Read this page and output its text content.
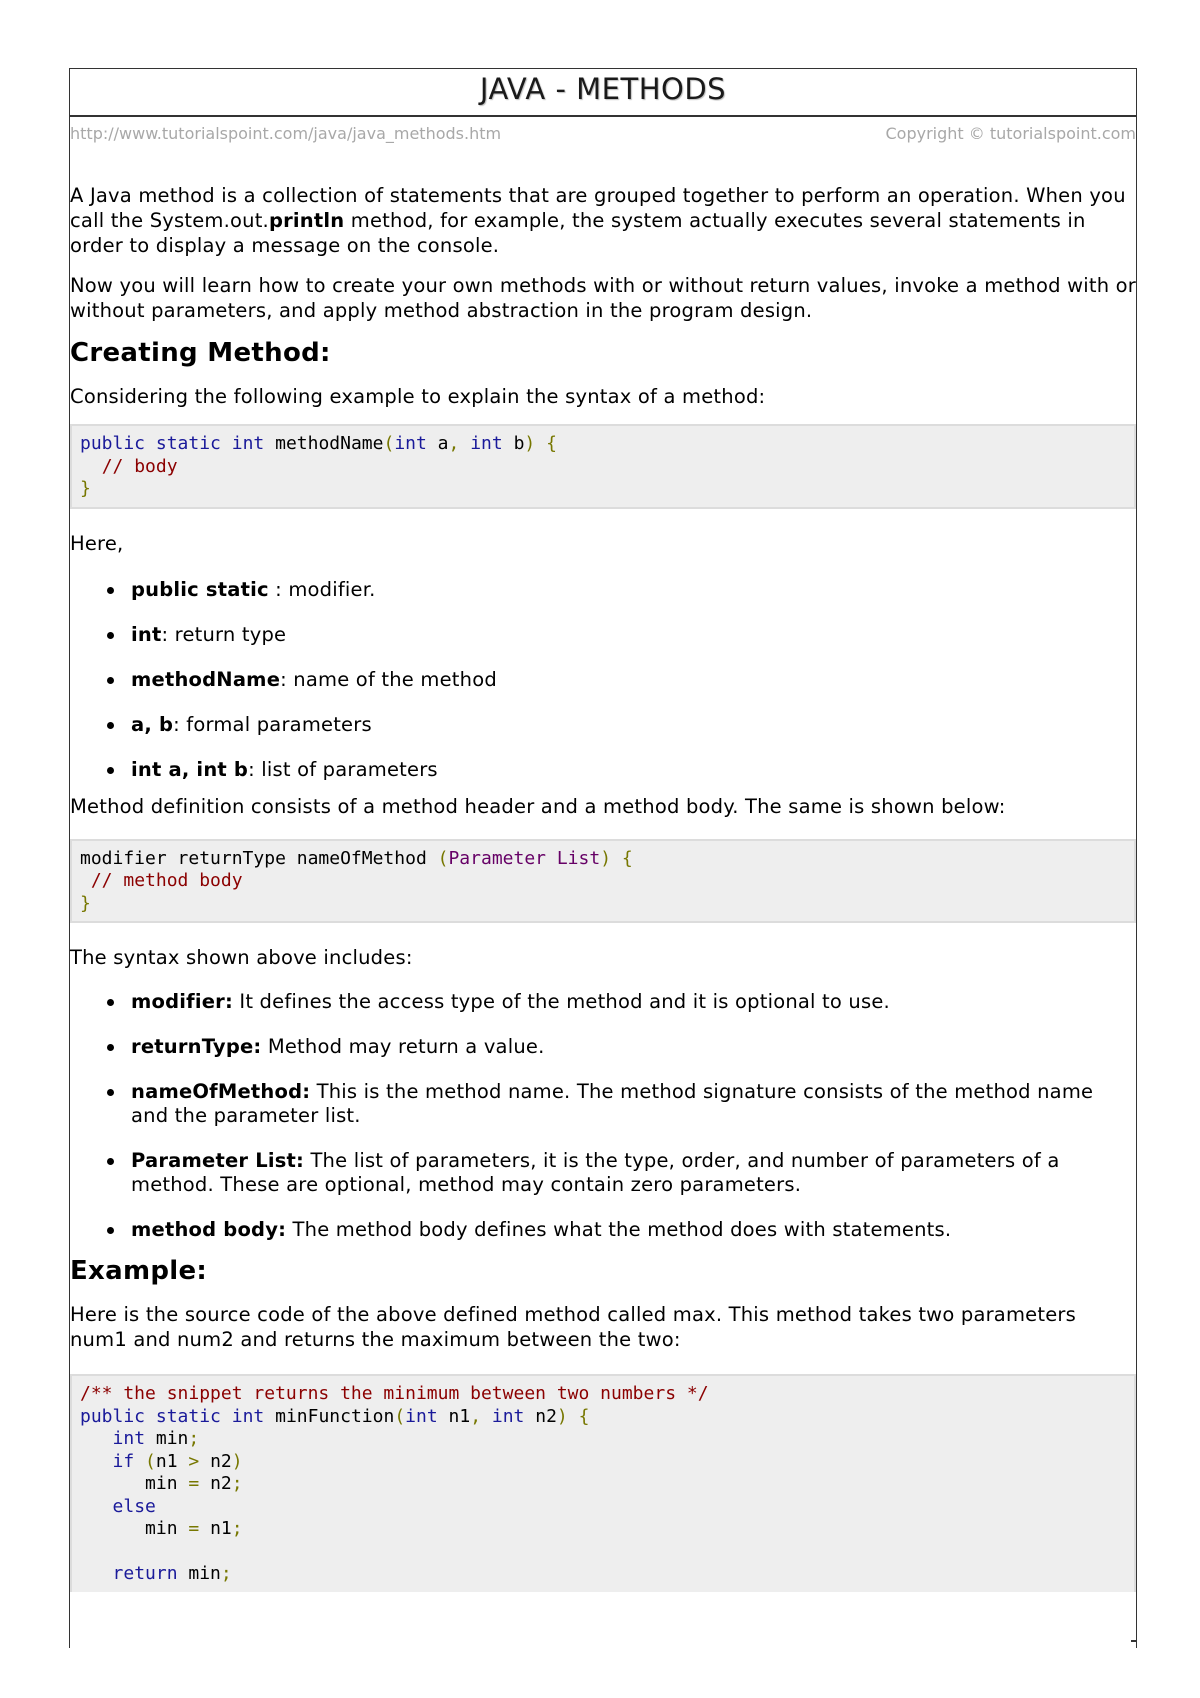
JAVA - METHODS
http://www.tutorialspoint.com/java/java_methods.htm	Copyright © tutorialspoint.com

A Java method is a collection of statements that are grouped together to perform an operation. When you call the System.out.println method, for example, the system actually executes several statements in order to display a message on the console.

Now you will learn how to create your own methods with or without return values, invoke a method with or without parameters, and apply method abstraction in the program design.

Creating Method:

Considering the following example to explain the syntax of a method:

public static int methodName(int a, int b) {
// body
}

Here,

public static : modifier.
int: return type
methodName: name of the method
a, b: formal parameters
int a, int b: list of parameters

Method definition consists of a method header and a method body. The same is shown below:

modifier returnType nameOfMethod (Parameter List) {
// method body
}

The syntax shown above includes:

modifier: It defines the access type of the method and it is optional to use.
returnType: Method may return a value.
nameOfMethod: This is the method name. The method signature consists of the method name and the parameter list.
Parameter List: The list of parameters, it is the type, order, and number of parameters of a method. These are optional, method may contain zero parameters.
method body: The method body defines what the method does with statements.
Example:

Here is the source code of the above defined method called max. This method takes two parameters num1 and num2 and returns the maximum between the two:

/** the snippet returns the minimum between two numbers */
public static int minFunction(int n1, int n2) {
int min;
if (n1 > n2)
min = n2;
else
min = n1;

return min;
